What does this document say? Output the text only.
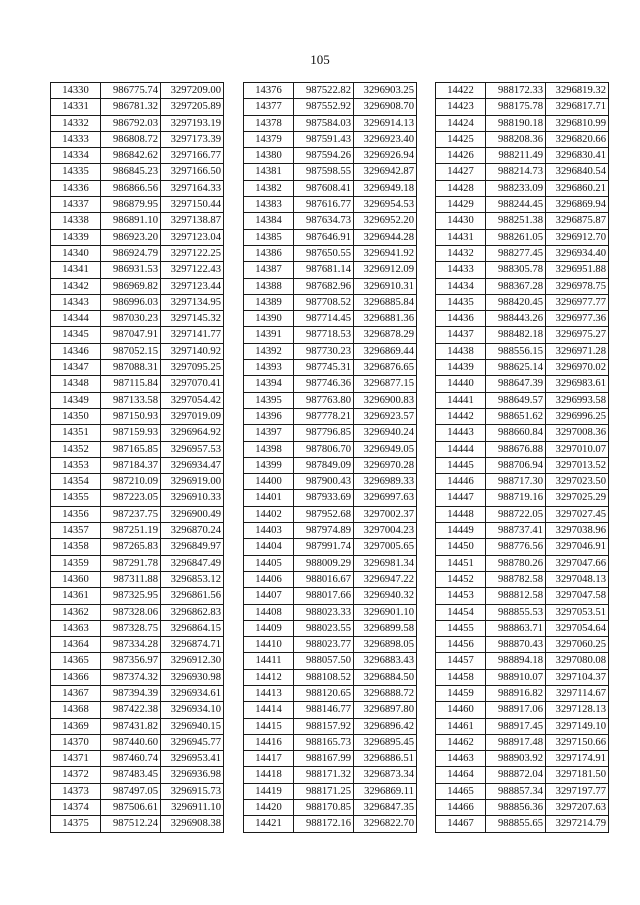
105
14330	986775.74	3297209.00
14331	986781.32	3297205.89
14332	986792.03	3297193.19
14333	986808.72	3297173.39
14334	986842.62	3297166.77
14335	986845.23	3297166.50
14336	986866.56	3297164.33
14337	986879.95	3297150.44
14338	986891.10	3297138.87
14339	986923.20	3297123.04
14340	986924.79	3297122.25
14341	986931.53	3297122.43
14342	986969.82	3297123.44
14343	986996.03	3297134.95
14344	987030.23	3297145.32
14345	987047.91	3297141.77
14346	987052.15	3297140.92
14347	987088.31	3297095.25
14348	987115.84	3297070.41
14349	987133.58	3297054.42
14350	987150.93	3297019.09
14351	987159.93	3296964.92
14352	987165.85	3296957.53
14353	987184.37	3296934.47
14354	987210.09	3296919.00
14355	987223.05	3296910.33
14356	987237.75	3296900.49
14357	987251.19	3296870.24
14358	987265.83	3296849.97
14359	987291.78	3296847.49
14360	987311.88	3296853.12
14361	987325.95	3296861.56
14362	987328.06	3296862.83
14363	987328.75	3296864.15
14364	987334.28	3296874.71
14365	987356.97	3296912.30
14366	987374.32	3296930.98
14367	987394.39	3296934.61
14368	987422.38	3296934.10
14369	987431.82	3296940.15
14370	987440.60	3296945.77
14371	987460.74	3296953.41
14372	987483.45	3296936.98
14373	987497.05	3296915.73
14374	987506.61	3296911.10
14375	987512.24	3296908.38
14376	987522.82	3296903.25
14377	987552.92	3296908.70
14378	987584.03	3296914.13
14379	987591.43	3296923.40
14380	987594.26	3296926.94
14381	987598.55	3296942.87
14382	987608.41	3296949.18
14383	987616.77	3296954.53
14384	987634.73	3296952.20
14385	987646.91	3296944.28
14386	987650.55	3296941.92
14387	987681.14	3296912.09
14388	987682.96	3296910.31
14389	987708.52	3296885.84
14390	987714.45	3296881.36
14391	987718.53	3296878.29
14392	987730.23	3296869.44
14393	987745.31	3296876.65
14394	987746.36	3296877.15
14395	987763.80	3296900.83
14396	987778.21	3296923.57
14397	987796.85	3296940.24
14398	987806.70	3296949.05
14399	987849.09	3296970.28
14400	987900.43	3296989.33
14401	987933.69	3296997.63
14402	987952.68	3297002.37
14403	987974.89	3297004.23
14404	987991.74	3297005.65
14405	988009.29	3296981.34
14406	988016.67	3296947.22
14407	988017.66	3296940.32
14408	988023.33	3296901.10
14409	988023.55	3296899.58
14410	988023.77	3296898.05
14411	988057.50	3296883.43
14412	988108.52	3296884.50
14413	988120.65	3296888.72
14414	988146.77	3296897.80
14415	988157.92	3296896.42
14416	988165.73	3296895.45
14417	988167.99	3296886.51
14418	988171.32	3296873.34
14419	988171.25	3296869.11
14420	988170.85	3296847.35
14421	988172.16	3296822.70
14422	988172.33	3296819.32
14423	988175.78	3296817.71
14424	988190.18	3296810.99
14425	988208.36	3296820.66
14426	988211.49	3296830.41
14427	988214.73	3296840.54
14428	988233.09	3296860.21
14429	988244.45	3296869.94
14430	988251.38	3296875.87
14431	988261.05	3296912.70
14432	988277.45	3296934.40
14433	988305.78	3296951.88
14434	988367.28	3296978.75
14435	988420.45	3296977.77
14436	988443.26	3296977.36
14437	988482.18	3296975.27
14438	988556.15	3296971.28
14439	988625.14	3296970.02
14440	988647.39	3296983.61
14441	988649.57	3296993.58
14442	988651.62	3296996.25
14443	988660.84	3297008.36
14444	988676.88	3297010.07
14445	988706.94	3297013.52
14446	988717.30	3297023.50
14447	988719.16	3297025.29
14448	988722.05	3297027.45
14449	988737.41	3297038.96
14450	988776.56	3297046.91
14451	988780.26	3297047.66
14452	988782.58	3297048.13
14453	988812.58	3297047.58
14454	988855.53	3297053.51
14455	988863.71	3297054.64
14456	988870.43	3297060.25
14457	988894.18	3297080.08
14458	988910.07	3297104.37
14459	988916.82	3297114.67
14460	988917.06	3297128.13
14461	988917.45	3297149.10
14462	988917.48	3297150.66
14463	988903.92	3297174.91
14464	988872.04	3297181.50
14465	988857.34	3297197.77
14466	988856.36	3297207.63
14467	988855.65	3297214.79
